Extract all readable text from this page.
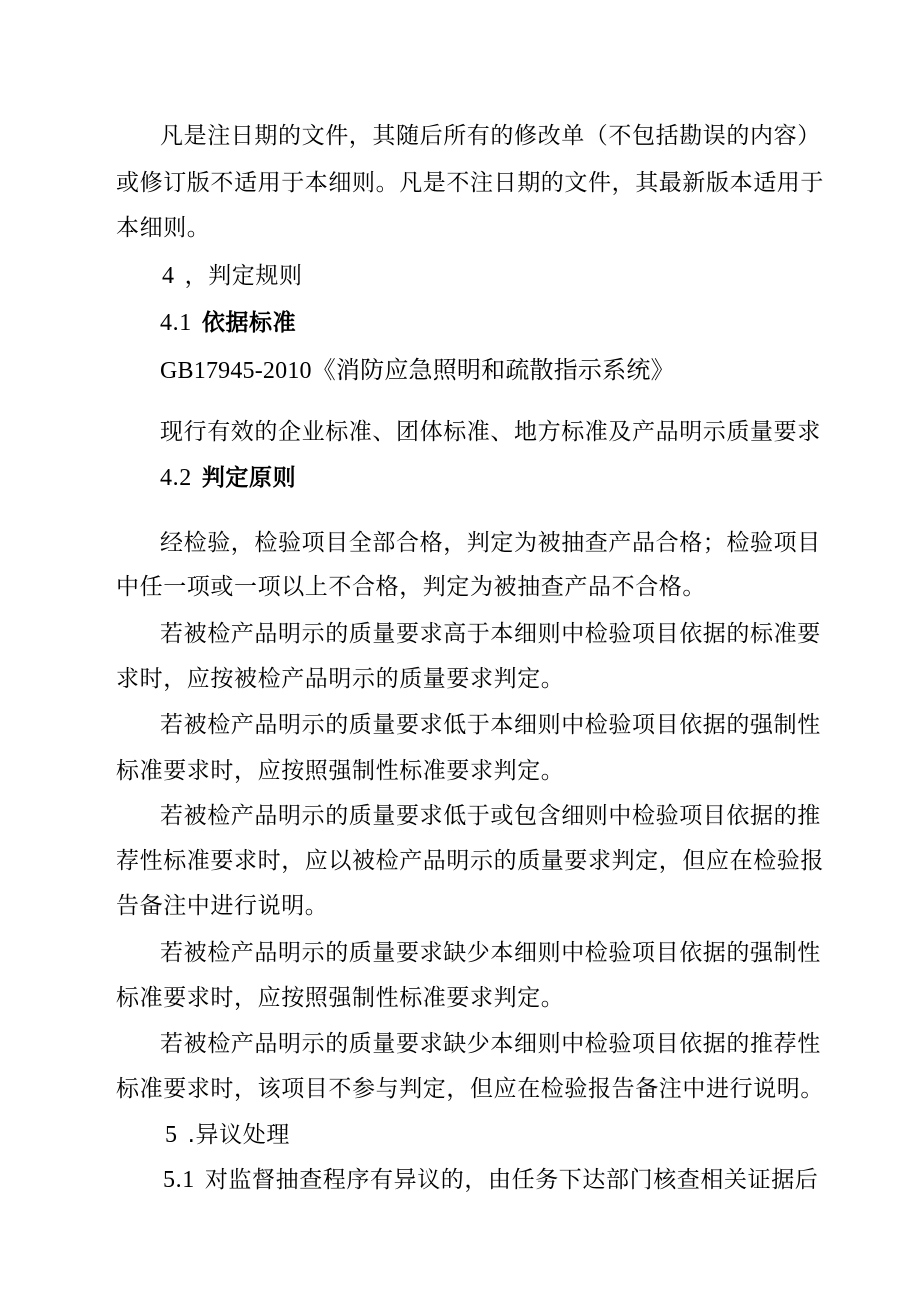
凡是注日期的文件，其随后所有的修改单（不包括勘误的内容）
或修订版不适用于本细则。凡是不注日期的文件，其最新版本适用于
本细则。
4 ，判定规则
4.1 依据标准
GB17945-2010《消防应急照明和疏散指示系统》
现行有效的企业标准、团体标准、地方标准及产品明示质量要求
4.2 判定原则
经检验，检验项目全部合格，判定为被抽查产品合格；检验项目
中任一项或一项以上不合格，判定为被抽查产品不合格。
若被检产品明示的质量要求高于本细则中检验项目依据的标准要
求时，应按被检产品明示的质量要求判定。
若被检产品明示的质量要求低于本细则中检验项目依据的强制性
标准要求时，应按照强制性标准要求判定。
若被检产品明示的质量要求低于或包含细则中检验项目依据的推
荐性标准要求时，应以被检产品明示的质量要求判定，但应在检验报
告备注中进行说明。
若被检产品明示的质量要求缺少本细则中检验项目依据的强制性
标准要求时，应按照强制性标准要求判定。
若被检产品明示的质量要求缺少本细则中检验项目依据的推荐性
标准要求时，该项目不参与判定，但应在检验报告备注中进行说明。
5 .异议处理
5.1 对监督抽查程序有异议的，由任务下达部门核查相关证据后
